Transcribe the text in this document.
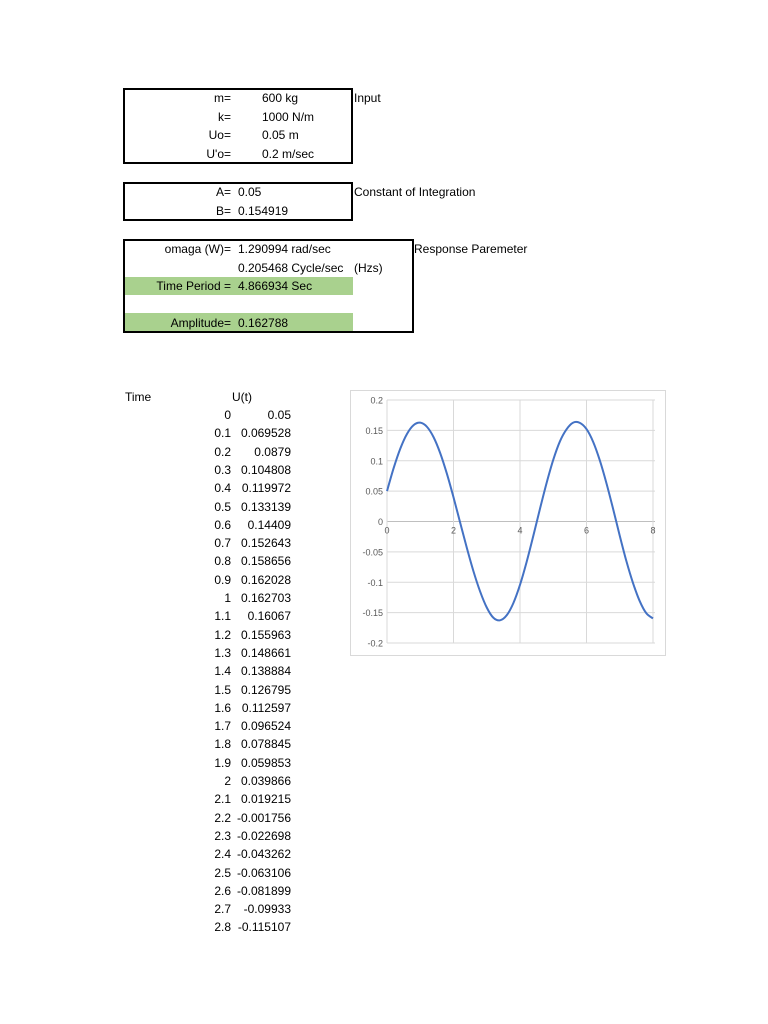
m=	600 kg
k=	1000 N/m
Uo=	0.05 m
U'o=	0.2 m/sec
Input
A= 0.05
B= 0.154919
Constant of Integration
Response Paremeter
omaga (W)= 1.290994 rad/sec
0.205468 Cycle/sec (Hzs)
Time Period = 4.866934 Sec
Amplitude= 0.162788
Time	U(t)
0	0.05
0.1 0.069528
0.2 0.0879
0.3 0.104808
0.4 0.119972
0.5 0.133139
0.6 0.14409
0.7 0.152643
0.8 0.158656
0.9 0.162028
1 0.162703
1.1 0.16067
1.2 0.155963
1.3 0.148661
1.4 0.138884
1.5 0.126795
1.6 0.112597
1.7 0.096524
1.8 0.078845
1.9 0.059853
2 0.039866
2.1 0.019215
2.2 -0.001756
2.3 -0.022698
2.4 -0.043262
2.5 -0.063106
2.6 -0.081899
2.7 -0.09933
2.8 -0.115107
0.2
0.15
0.1
0.05
0
-0.05
-0.1
-0.15
-0.2
0	2	4	6	8
